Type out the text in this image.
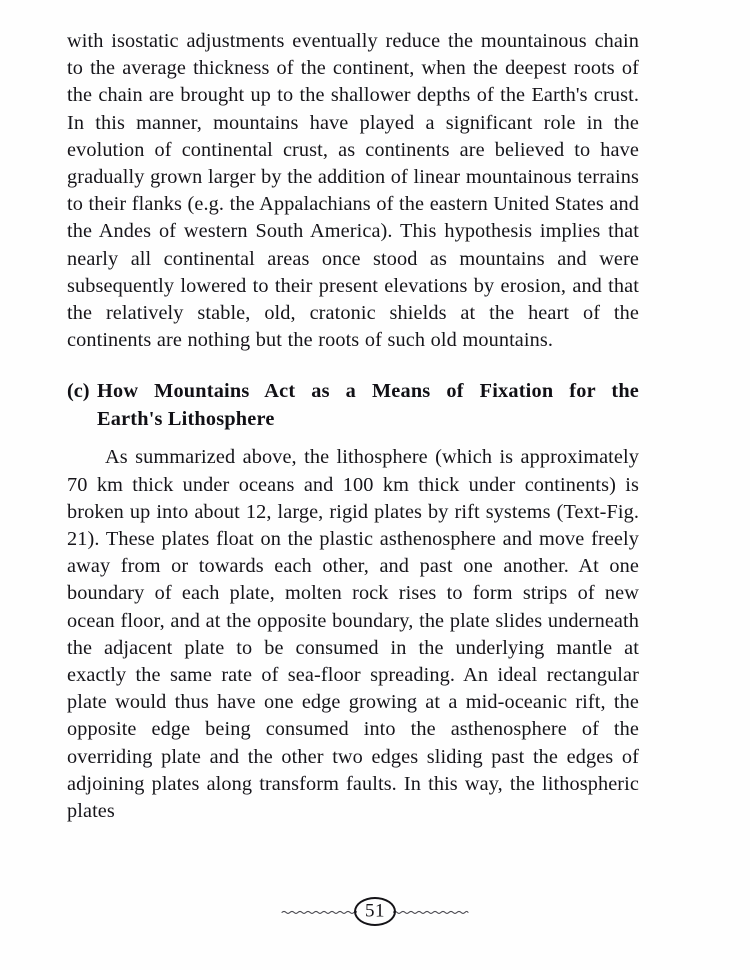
with isostatic adjustments eventually reduce the mountainous chain to the average thickness of the continent, when the deepest roots of the chain are brought up to the shallower depths of the Earth's crust. In this manner, mountains have played a significant role in the evolution of continental crust, as continents are believed to have gradually grown larger by the addition of linear mountainous terrains to their flanks (e.g. the Appalachians of the eastern United States and the Andes of western South America). This hypothesis implies that nearly all continental areas once stood as mountains and were subsequently lowered to their present elevations by erosion, and that the relatively stable, old, cratonic shields at the heart of the continents are nothing but the roots of such old mountains.

(c) How Mountains Act as a Means of Fixation for the
Earth's Lithosphere

As summarized above, the lithosphere (which is approximately 70 km thick under oceans and 100 km thick under continents) is broken up into about 12, large, rigid plates by rift systems (Text-Fig. 21). These plates float on the plastic asthenosphere and move freely away from or towards each other, and past one another. At one boundary of each plate, molten rock rises to form strips of new ocean floor, and at the opposite boundary, the plate slides underneath the adjacent plate to be consumed in the underlying mantle at exactly the same rate of sea-floor spreading. An ideal rectangular plate would thus have one edge growing at a mid-oceanic rift, the opposite edge being consumed into the asthenosphere of the overriding plate and the other two edges sliding past the edges of adjoining plates along transform faults. In this way, the lithospheric plates

51
